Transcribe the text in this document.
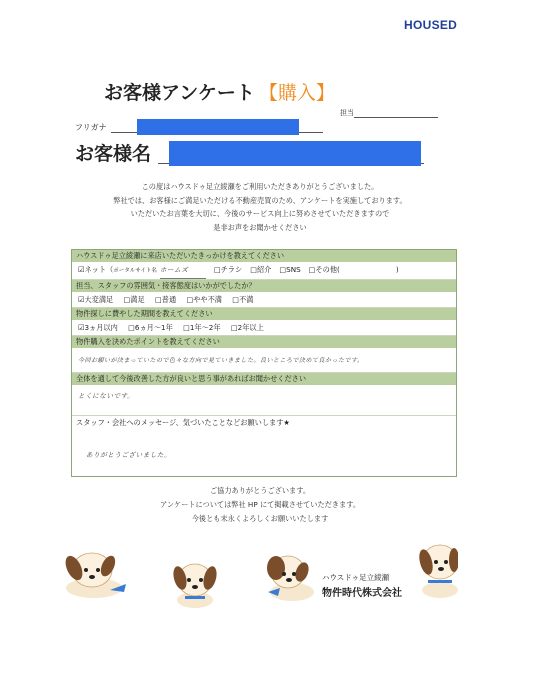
HOUSED
お客様アンケート 【購入】
担当
フリガナ
お客様名
この度はハウスドゥ足立綾瀬をご利用いただきありがとうございました。
弊社では、お客様にご満足いただける不動産売買のため、アンケートを実施しております。
いただいたお言葉を大切に、今後のサービス向上に努めさせていただきますので
是非お声をお聞かせください
ハウスドゥ足立綾瀬に来店いただいたきっかけを教えてください
☑ネット（ポータルサイト名 ホームズ	□チラシ □紹介 □SNS □その他(	)
担当、スタッフの雰囲気・接客態度はいかがでしたか？
☑大変満足 □満足 □普通 □やや不満 □不満
物件探しに費やした期間を教えてください
☑3ヵ月以内 □6ヵ月～1年 □1年～2年 □2年以上
物件購入を決めたポイントを教えてください
今回お願いが決まっていたので色々な方向で見ていきました。良いところで決めて良かったです。
全体を通して今後改善した方が良いと思う事があればお聞かせください
とくにないです。
スタッフ・会社へのメッセージ、気づいたことなどお願いします★
ありがとうございました。
ご協力ありがとうございます。
アンケートについては弊社 HP にて掲載させていただきます。
今後とも末永くよろしくお願いいたします
ハウスドゥ足立綾瀬
物件時代株式会社
